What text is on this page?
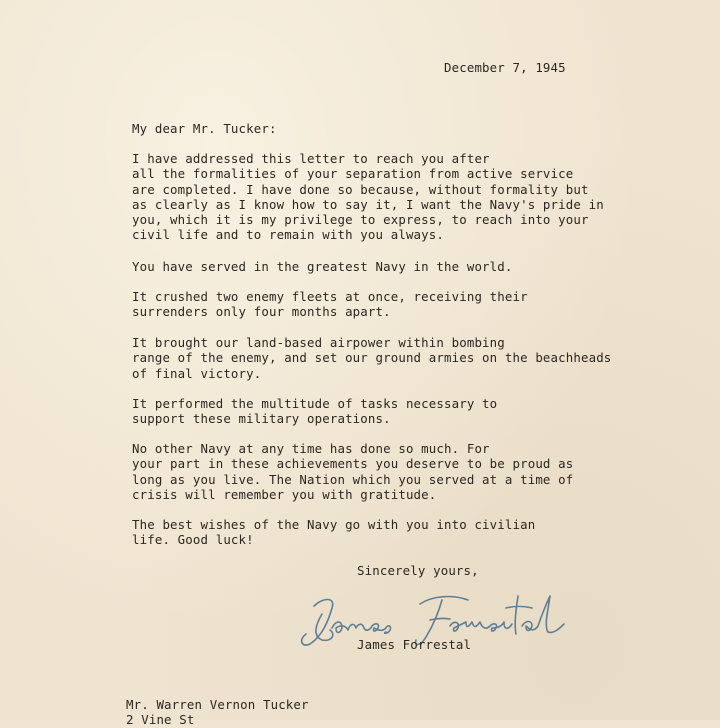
December 7, 1945
My dear Mr. Tucker:
I have addressed this letter to reach you after
all the formalities of your separation from active service
are completed. I have done so because, without formality but
as clearly as I know how to say it, I want the Navy's pride in
you, which it is my privilege to express, to reach into your
civil life and to remain with you always.
You have served in the greatest Navy in the world.
It crushed two enemy fleets at once, receiving their
surrenders only four months apart.
It brought our land-based airpower within bombing
range of the enemy, and set our ground armies on the beachheads
of final victory.
It performed the multitude of tasks necessary to
support these military operations.
No other Navy at any time has done so much. For
your part in these achievements you deserve to be proud as
long as you live. The Nation which you served at a time of
crisis will remember you with gratitude.
The best wishes of the Navy go with you into civilian
life. Good luck!
Sincerely yours,
James Forrestal
Mr. Warren Vernon Tucker
2 Vine St
